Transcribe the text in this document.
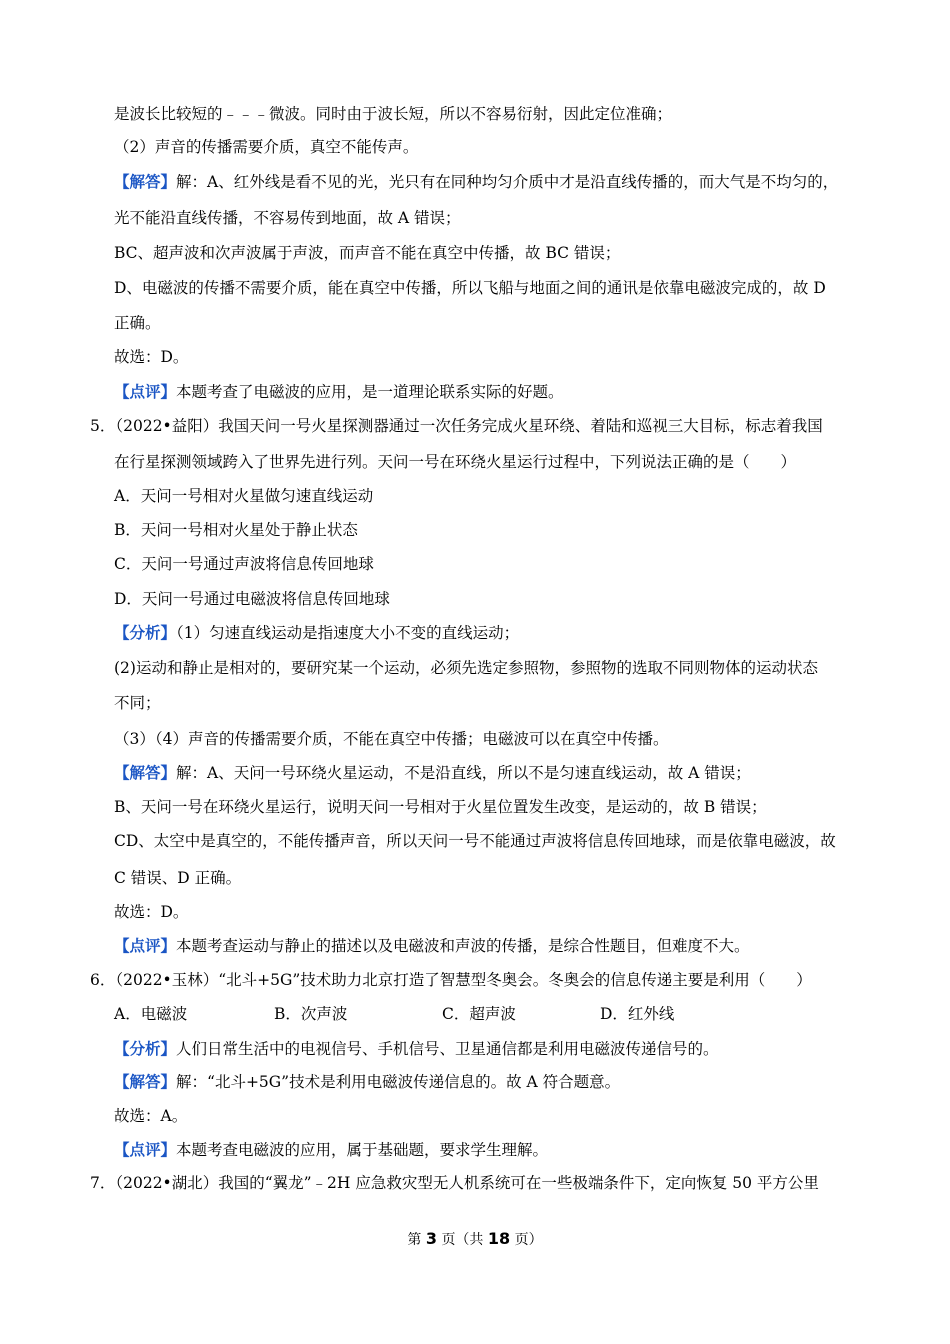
是波长比较短的﹣﹣﹣微波。同时由于波长短，所以不容易衍射，因此定位准确；
（2）声音的传播需要介质，真空不能传声。
【解答】解：A、红外线是看不见的光，光只有在同种均匀介质中才是沿直线传播的，而大气是不均匀的，
光不能沿直线传播，不容易传到地面，故 A 错误；
BC、超声波和次声波属于声波，而声音不能在真空中传播，故 BC 错误；
D、电磁波的传播不需要介质，能在真空中传播，所以飞船与地面之间的通讯是依靠电磁波完成的，故 D
正确。
故选：D。
【点评】本题考查了电磁波的应用，是一道理论联系实际的好题。
5．（2022•益阳）我国天问一号火星探测器通过一次任务完成火星环绕、着陆和巡视三大目标，标志着我国
在行星探测领域跨入了世界先进行列。天问一号在环绕火星运行过程中，下列说法正确的是（　　）
A．天问一号相对火星做匀速直线运动
B．天问一号相对火星处于静止状态
C．天问一号通过声波将信息传回地球
D．天问一号通过电磁波将信息传回地球
【分析】（1）匀速直线运动是指速度大小不变的直线运动；
(2)运动和静止是相对的，要研究某一个运动，必须先选定参照物，参照物的选取不同则物体的运动状态
不同；
（3）（4）声音的传播需要介质，不能在真空中传播；电磁波可以在真空中传播。
【解答】解：A、天问一号环绕火星运动，不是沿直线，所以不是匀速直线运动，故 A 错误；
B、天问一号在环绕火星运行，说明天问一号相对于火星位置发生改变，是运动的，故 B 错误；
CD、太空中是真空的，不能传播声音，所以天问一号不能通过声波将信息传回地球，而是依靠电磁波，故
C 错误、D 正确。
故选：D。
【点评】本题考查运动与静止的描述以及电磁波和声波的传播，是综合性题目，但难度不大。
6．（2022•玉林）“北斗+5G”技术助力北京打造了智慧型冬奥会。冬奥会的信息传递主要是利用（　　）
A．电磁波	B．次声波	C．超声波	D．红外线
【分析】人们日常生活中的电视信号、手机信号、卫星通信都是利用电磁波传递信号的。
【解答】解：“北斗+5G”技术是利用电磁波传递信息的。故 A 符合题意。
故选：A。
【点评】本题考查电磁波的应用，属于基础题，要求学生理解。
7．（2022•湖北）我国的“翼龙”﹣2H 应急救灾型无人机系统可在一些极端条件下，定向恢复 50 平方公里
第 3 页（共 18 页）
